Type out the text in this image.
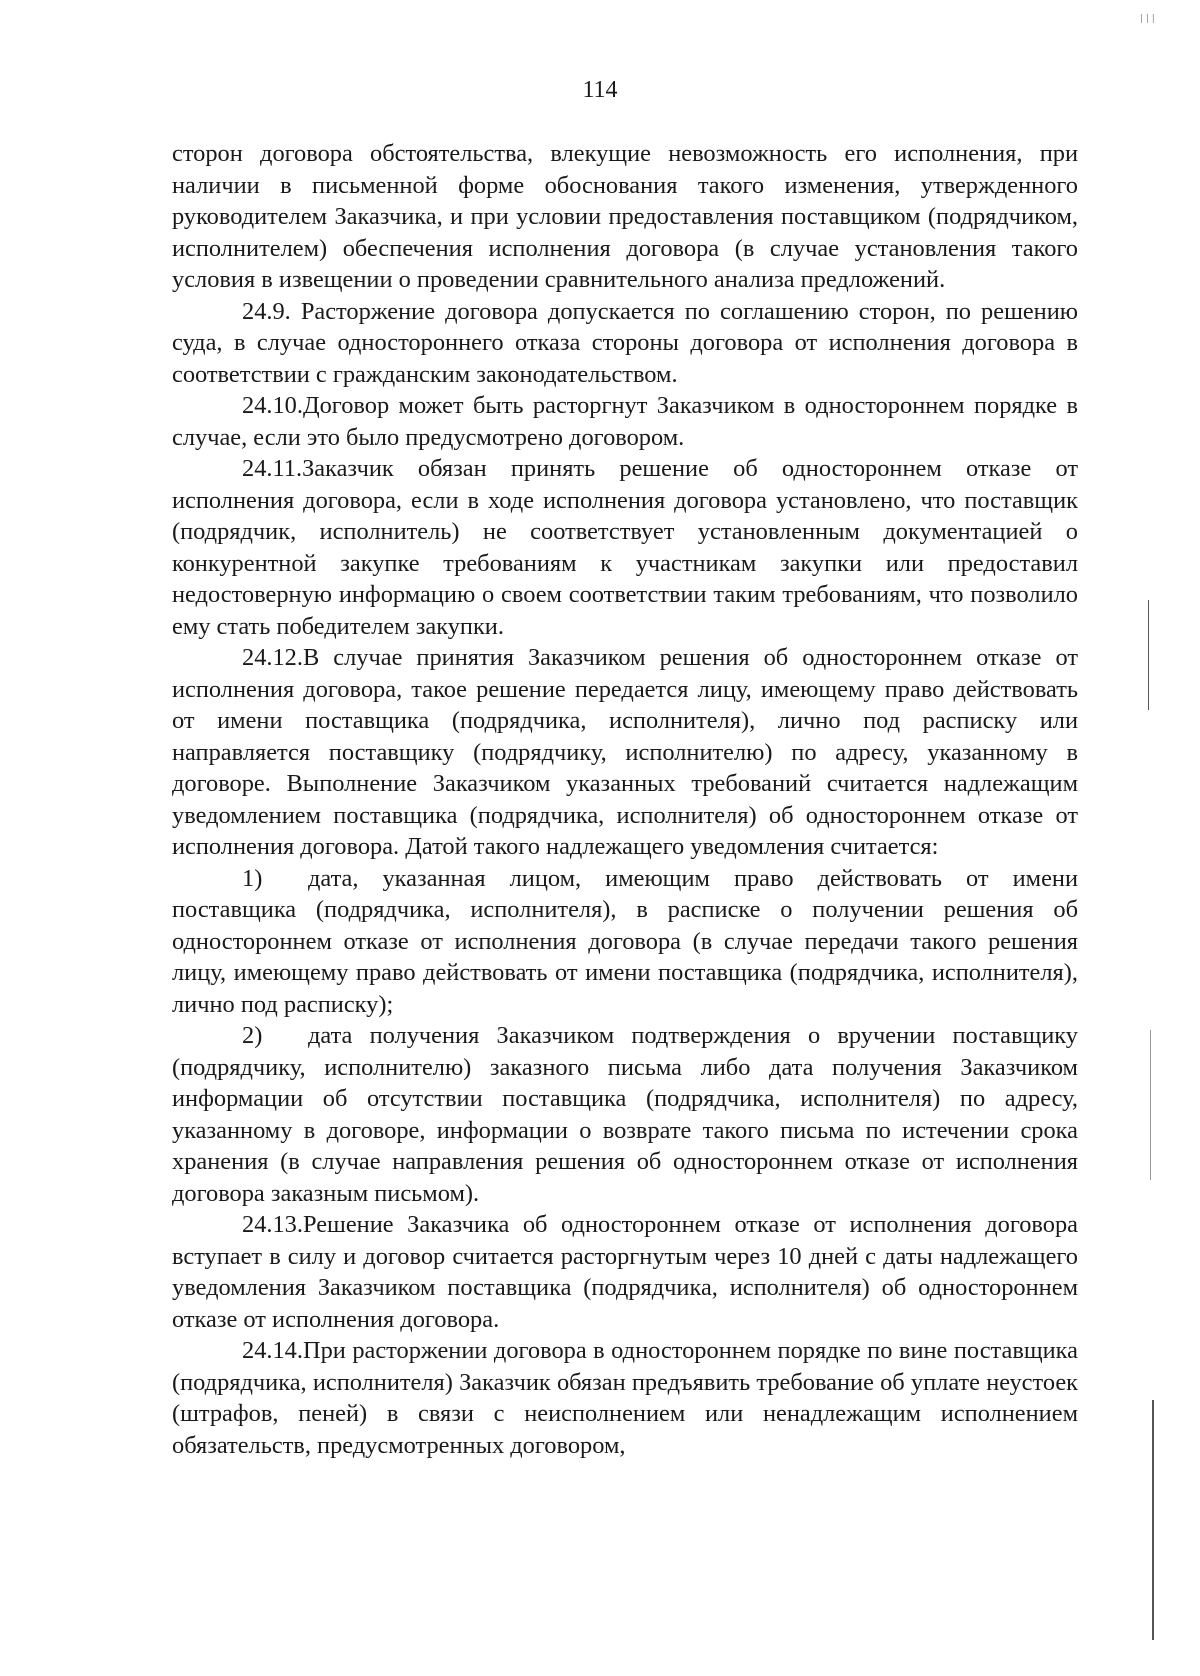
| | |
114

сторон договора обстоятельства, влекущие невозможность его исполнения, при наличии в письменной форме обоснования такого изменения, утвержденного руководителем Заказчика, и при условии предоставления поставщиком (подрядчиком, исполнителем) обеспечения исполнения договора (в случае установления такого условия в извещении о проведении сравнительного анализа предложений.

24.9. Расторжение договора допускается по соглашению сторон, по решению суда, в случае одностороннего отказа стороны договора от исполнения договора в соответствии с гражданским законодательством.

24.10.Договор может быть расторгнут Заказчиком в одностороннем порядке в случае, если это было предусмотрено договором.

24.11.Заказчик обязан принять решение об одностороннем отказе от исполнения договора, если в ходе исполнения договора установлено, что поставщик (подрядчик, исполнитель) не соответствует установленным документацией о конкурентной закупке требованиям к участникам закупки или предоставил недостоверную информацию о своем соответствии таким требованиям, что позволило ему стать победителем закупки.

24.12.В случае принятия Заказчиком решения об одностороннем отказе от исполнения договора, такое решение передается лицу, имеющему право действовать от имени поставщика (подрядчика, исполнителя), лично под расписку или направляется поставщику (подрядчику, исполнителю) по адресу, указанному в договоре. Выполнение Заказчиком указанных требований считается надлежащим уведомлением поставщика (подрядчика, исполнителя) об одностороннем отказе от исполнения договора. Датой такого надлежащего уведомления считается:

1) дата, указанная лицом, имеющим право действовать от имени поставщика (подрядчика, исполнителя), в расписке о получении решения об одностороннем отказе от исполнения договора (в случае передачи такого решения лицу, имеющему право действовать от имени поставщика (подрядчика, исполнителя), лично под расписку);

2) дата получения Заказчиком подтверждения о вручении поставщику (подрядчику, исполнителю) заказного письма либо дата получения Заказчиком информации об отсутствии поставщика (подрядчика, исполнителя) по адресу, указанному в договоре, информации о возврате такого письма по истечении срока хранения (в случае направления решения об одностороннем отказе от исполнения договора заказным письмом).

24.13.Решение Заказчика об одностороннем отказе от исполнения договора вступает в силу и договор считается расторгнутым через 10 дней с даты надлежащего уведомления Заказчиком поставщика (подрядчика, исполнителя) об одностороннем отказе от исполнения договора.

24.14.При расторжении договора в одностороннем порядке по вине поставщика (подрядчика, исполнителя) Заказчик обязан предъявить требование об уплате неустоек (штрафов, пеней) в связи с неисполнением или ненадлежащим исполнением обязательств, предусмотренных договором,
